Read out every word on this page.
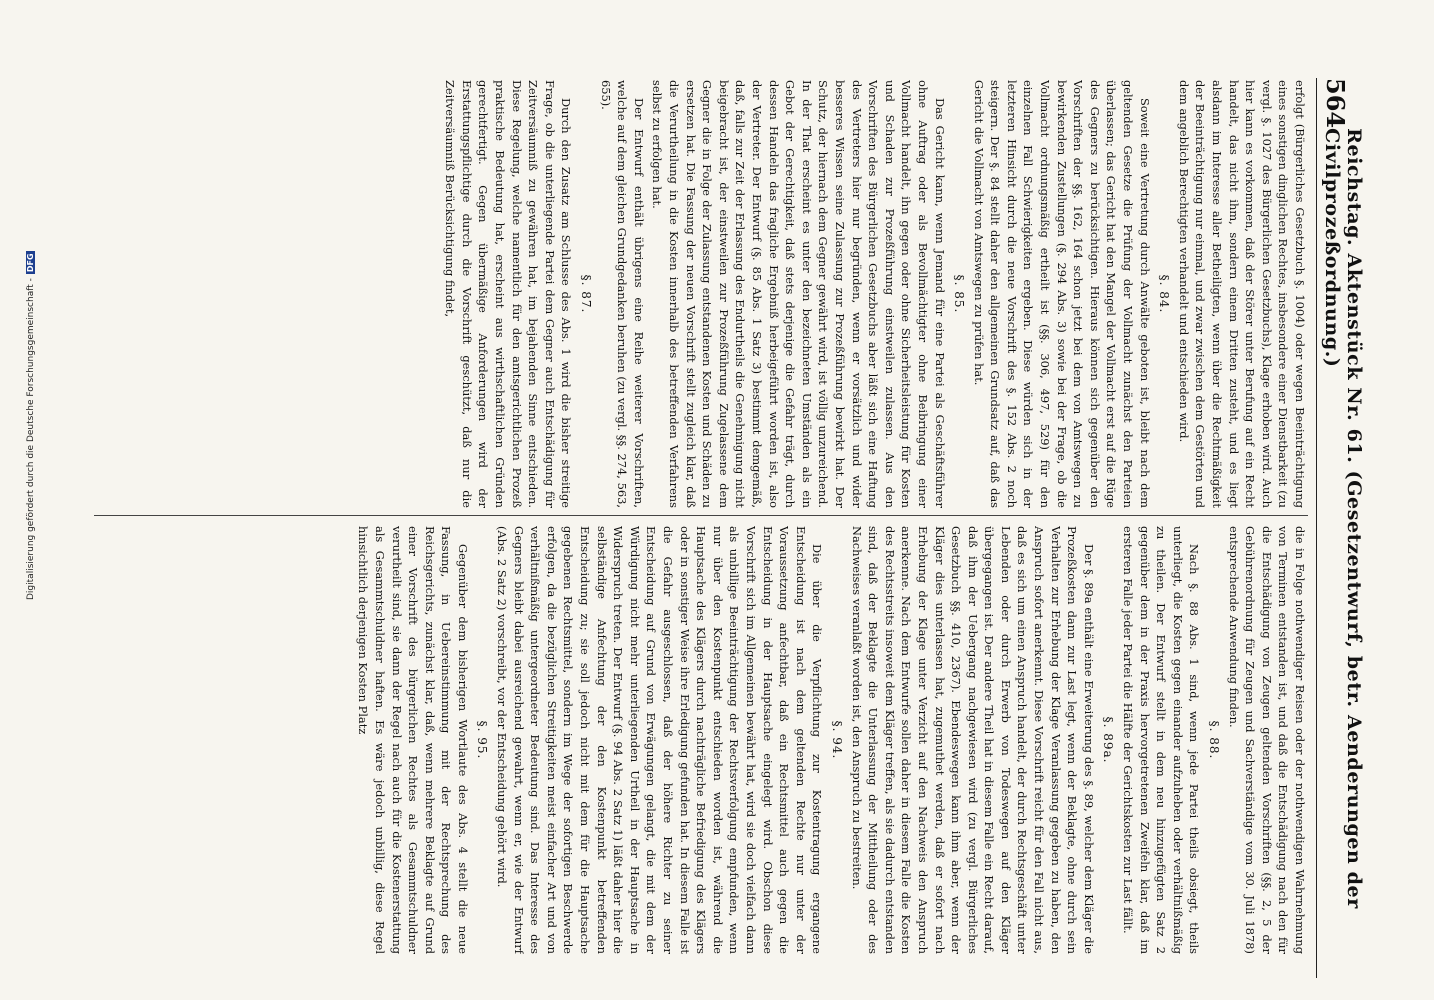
564
Reichstag. Aktenstück Nr. 61. (Gesetzentwurf, betr. Aenderungen der Civilprozeßordnung.)

erfolgt (Bürgerliches Gesetzbuch §. 1004) oder wegen Beeinträchtigung eines sonstigen dinglichen Rechtes, insbesondere einer Dienstbarkeit (zu vergl. §. 1027 des Bürgerlichen Gesetzbuchs), Klage erhoben wird. Auch hier kann es vorkommen, daß der Störer unter Berufung auf ein Recht handelt, das nicht ihm, sondern einem Dritten zusteht, und es liegt alsdann im Interesse aller Betheiligten, wenn über die Rechtmäßigkeit der Beeinträchtigung nur einmal, und zwar zwischen dem Gestörten und dem angeblich Berechtigten verhandelt und entschieden wird.

§. 84.

Soweit eine Vertretung durch Anwälte geboten ist, bleibt nach dem geltenden Gesetze die Prüfung der Vollmacht zunächst den Parteien überlassen; das Gericht hat den Mangel der Vollmacht erst auf die Rüge des Gegners zu berücksichtigen. Hieraus können sich gegenüber den Vorschriften der §§. 162, 164 schon jetzt bei dem von Amtswegen zu bewirkenden Zustellungen (§. 294 Abs. 3) sowie bei der Frage, ob die Vollmacht ordnungsmäßig ertheilt ist (§§. 306, 497, 529) für den einzelnen Fall Schwierigkeiten ergeben. Diese würden sich in der letzteren Hinsicht durch die neue Vorschrift des §. 152 Abs. 2 noch steigern. Der §. 84 stellt daher den allgemeinen Grundsatz auf, daß das Gericht die Vollmacht von Amtswegen zu prüfen hat.

§. 85.

Das Gericht kann, wenn Jemand für eine Partei als Geschäftsführer ohne Auftrag oder als Bevollmächtigter ohne Beibringung einer Vollmacht handelt, ihn gegen oder ohne Sicherheitsleistung für Kosten und Schaden zur Prozeßführung einstweilen zulassen. Aus den Vorschriften des Bürgerlichen Gesetzbuchs aber läßt sich eine Haftung des Vertreters hier nur begründen, wenn er vorsätzlich und wider besseres Wissen seine Zulassung zur Prozeßführung bewirkt hat. Der Schutz, der hiernach dem Gegner gewährt wird, ist völlig unzureichend. In der That erscheint es unter den bezeichneten Umständen als ein Gebot der Gerechtigkeit, daß stets derjenige die Gefahr trägt, durch dessen Handeln das fragliche Ergebniß herbeigeführt worden ist, also der Vertreter. Der Entwurf (§. 85 Abs. 1 Satz 3) bestimmt demgemäß, daß, falls zur Zeit der Erlassung des Endurtheils die Genehmigung nicht beigebracht ist, der einstweilen zur Prozeßführung Zugelassene dem Gegner die in Folge der Zulassung entstandenen Kosten und Schäden zu ersetzen hat. Die Fassung der neuen Vorschrift stellt zugleich klar, daß die Verurtheilung in die Kosten innerhalb des betreffenden Verfahrens selbst zu erfolgen hat.

Der Entwurf enthält übrigens eine Reihe weiterer Vorschriften, welche auf dem gleichen Grundgedanken beruhen (zu vergl. §§. 274, 563, 655).

§. 87.

Durch den Zusatz am Schlusse des Abs. 1 wird die bisher streitige Frage, ob die unterliegende Partei dem Gegner auch Entschädigung für Zeitversäumniß zu gewähren hat, im bejahenden Sinne entschieden. Diese Regelung, welche namentlich für den amtsgerichtlichen Prozeß praktische Bedeutung hat, erscheint aus wirthschaftlichen Gründen gerechtfertigt. Gegen übermäßige Anforderungen wird der Erstattungspflichtige durch die Vorschrift geschützt, daß nur die Zeitversäumniß Berücksichtigung findet,

die in Folge nothwendiger Reisen oder der nothwendigen Wahrnehmung von Terminen entstanden ist, und daß die Entschädigung nach den für die Entschädigung von Zeugen geltenden Vorschriften (§§. 2, 5 der Gebührenordnung für Zeugen und Sachverständige vom 30. Juli 1878) entsprechende Anwendung finden.

§. 88.

Nach §. 88 Abs. 1 sind, wenn jede Partei theils obsiegt, theils unterliegt, die Kosten gegen einander aufzuheben oder verhältnißmäßig zu theilen. Der Entwurf stellt in dem neu hinzugefügten Satz 2 gegenüber dem in der Praxis hervorgetretenen Zweifeln klar, daß im ersteren Falle jeder Partei die Hälfte der Gerichtskosten zur Last fällt.

§. 89a.

Der §. 89a enthält eine Erweiterung des §. 89, welcher dem Kläger die Prozeßkosten dann zur Last legt, wenn der Beklagte, ohne durch sein Verhalten zur Erhebung der Klage Veranlassung gegeben zu haben, den Anspruch sofort anerkennt. Diese Vorschrift reicht für den Fall nicht aus, daß es sich um einen Anspruch handelt, der durch Rechtsgeschäft unter Lebenden oder durch Erwerb von Todeswegen auf den Kläger übergegangen ist. Der andere Theil hat in diesem Falle ein Recht darauf, daß ihm der Uebergang nachgewiesen wird (zu vergl. Bürgerliches Gesetzbuch §§. 410, 2367). Ebendeswegen kann ihm aber, wenn der Kläger dies unterlassen hat, zugemuthet werden, daß er sofort nach Erhebung der Klage unter Verzicht auf den Nachweis den Anspruch anerkenne. Nach dem Entwurfe sollen daher in diesem Falle die Kosten des Rechtsstreits insoweit dem Kläger treffen, als sie dadurch entstanden sind, daß der Beklagte die Unterlassung der Mittheilung oder des Nachweises veranlaßt worden ist, den Anspruch zu bestreiten.

§. 94.

Die über die Verpflichtung zur Kostentragung ergangene Entscheidung ist nach dem geltenden Rechte nur unter der Voraussetzung anfechtbar, daß ein Rechtsmittel auch gegen die Entscheidung in der Hauptsache eingelegt wird. Obschon diese Vorschrift sich im Allgemeinen bewährt hat, wird sie doch vielfach dann als unbillige Beeinträchtigung der Rechtsverfolgung empfunden, wenn nur über den Kostenpunkt entschieden worden ist, während die Hauptsache des Klägers durch nachträgliche Befriedigung des Klägers oder in sonstiger Weise ihre Erledigung gefunden hat. In diesem Falle ist die Gefahr ausgeschlossen, daß der höhere Richter zu seiner Entscheidung auf Grund von Erwägungen gelangt, die mit dem der Würdigung nicht mehr unterliegenden Urtheil in der Hauptsache in Widerspruch treten. Der Entwurf (§. 94 Abs. 2 Satz 1) läßt daher hier die selbständige Anfechtung der den Kostenpunkt betreffenden Entscheidung zu; sie soll jedoch nicht mit dem für die Hauptsache gegebenen Rechtsmittel, sondern im Wege der sofortigen Beschwerde erfolgen, da die bezüglichen Streitigkeiten meist einfacher Art und von verhältnißmäßig untergeordneter Bedeutung sind. Das Interesse des Gegners bleibt dabei ausreichend gewahrt, wenn er, wie der Entwurf (Abs. 2 Satz 2) vorschreibt, vor der Entscheidung gehört wird.

§. 95.

Gegenüber dem bisherigen Wortlaute des Abs. 4 stellt die neue Fassung, in Uebereinstimmung mit der Rechtsprechung des Reichsgerichts, zunächst klar, daß, wenn mehrere Beklagte auf Grund einer Vorschrift des bürgerlichen Rechtes als Gesammtschuldner verurtheilt sind, sie dann der Regel nach auch für die Kostenerstattung als Gesammtschuldner haften. Es wäre jedoch unbillig, diese Regel hinsichtlich derjenigen Kosten Platz

Digitalisierung gefördert durch die Deutsche Forschungsgemeinschaft -DFG
